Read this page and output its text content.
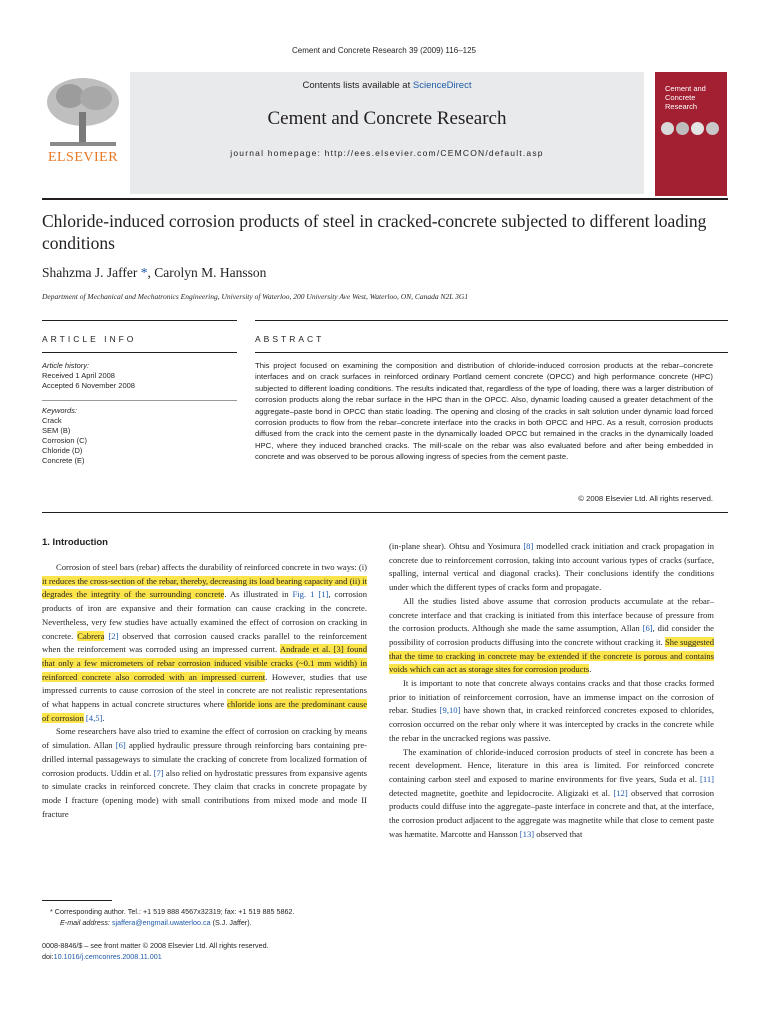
Cement and Concrete Research 39 (2009) 116–125
ELSEVIER
Contents lists available at ScienceDirect
Cement and Concrete Research
journal homepage: http://ees.elsevier.com/CEMCON/default.asp
Cement and Concrete Research
Chloride-induced corrosion products of steel in cracked-concrete subjected to different loading conditions
Shahzma J. Jaffer *, Carolyn M. Hansson
Department of Mechanical and Mechatronics Engineering, University of Waterloo, 200 University Ave West, Waterloo, ON, Canada N2L 3G1
ARTICLE INFO
Article history:
Received 1 April 2008
Accepted 6 November 2008
Keywords:
Crack
SEM (B)
Corrosion (C)
Chloride (D)
Concrete (E)
ABSTRACT
This project focused on examining the composition and distribution of chloride-induced corrosion products at the rebar–concrete interfaces and on crack surfaces in reinforced ordinary Portland cement concrete (OPCC) and high performance concrete (HPC) subjected to different loading conditions. The results indicated that, regardless of the type of loading, there was a larger distribution of corrosion products along the rebar surface in the HPC than in the OPCC. Also, dynamic loading caused a greater detachment of the aggregate–paste bond in OPCC than static loading. The opening and closing of the cracks in salt solution under dynamic load forced corrosion products to flow from the rebar–concrete interface into the cracks in both OPCC and HPC. As a result, corrosion products diffused from the crack into the cement paste in the dynamically loaded OPCC but remained in the cracks in the dynamically loaded HPC, where they induced branched cracks. The mill-scale on the rebar was also evaluated before and after being embedded in concrete and was observed to be porous allowing ingress of species from the cement paste.
© 2008 Elsevier Ltd. All rights reserved.
1. Introduction

Corrosion of steel bars (rebar) affects the durability of reinforced concrete in two ways: (i) it reduces the cross-section of the rebar, thereby, decreasing its load bearing capacity and (ii) it degrades the integrity of the surrounding concrete. As illustrated in Fig. 1 [1], corrosion products of iron are expansive and their formation can cause cracking in the concrete. Nevertheless, very few studies have actually examined the effect of corrosion on cracking in concrete. Cabrera [2] observed that corrosion caused cracks parallel to the reinforcement when the reinforcement was corroded using an impressed current. Andrade et al. [3] found that only a few micrometers of rebar corrosion induced visible cracks (~0.1 mm width) in reinforced concrete also corroded with an impressed current. However, studies that use impressed currents to cause corrosion of the steel in concrete are not realistic representations of what happens in actual concrete structures where chloride ions are the predominant cause of corrosion [4,5].

Some researchers have also tried to examine the effect of corrosion on cracking by means of simulation. Allan [6] applied hydraulic pressure through reinforcing bars containing pre-drilled internal passageways to simulate the cracking of concrete from localized formation of corrosion products. Uddin et al. [7] also relied on hydrostatic pressures from expansive agents to simulate cracks in reinforced concrete. They claim that cracks in concrete propagate by mode I fracture (opening mode) with small contributions from mixed mode and mode II fracture

(in-plane shear). Ohtsu and Yosimura [8] modelled crack initiation and crack propagation in concrete due to reinforcement corrosion, taking into account various types of cracks (surface, spalling, internal vertical and diagonal cracks). Their conclusions identify the conditions under which the different types of cracks form and propagate.

All the studies listed above assume that corrosion products accumulate at the rebar–concrete interface and that cracking is initiated from this interface because of pressure from the corrosion products. Although she made the same assumption, Allan [6], did consider the possibility of corrosion products diffusing into the concrete without cracking it. She suggested that the time to cracking in concrete may be extended if the concrete is porous and contains voids which can act as storage sites for corrosion products.

It is important to note that concrete always contains cracks and that those cracks formed prior to initiation of reinforcement corrosion, have an immense impact on the corrosion of rebar. Studies [9,10] have shown that, in cracked reinforced concretes exposed to chlorides, corrosion occurred on the rebar only where it was intercepted by cracks in the concrete while the rebar in the uncracked regions was passive.

The examination of chloride-induced corrosion products of steel in concrete has been a recent development. Hence, literature in this area is limited. For reinforced concrete containing carbon steel and exposed to marine environments for five years, Suda et al. [11] detected magnetite, goethite and lepidocrocite. Aligizaki et al. [12] observed that corrosion products could diffuse into the aggregate–paste interface in concrete and that, at the interface, the corrosion product adjacent to the aggregate was magnetite while that close to cement paste was hæmatite. Marcotte and Hansson [13] observed that

* Corresponding author. Tel.: +1 519 888 4567x32319; fax: +1 519 885 5862.
E-mail address: sjaffera@engmail.uwaterloo.ca (S.J. Jaffer).
0008-8846/$ – see front matter © 2008 Elsevier Ltd. All rights reserved.
doi:10.1016/j.cemconres.2008.11.001
